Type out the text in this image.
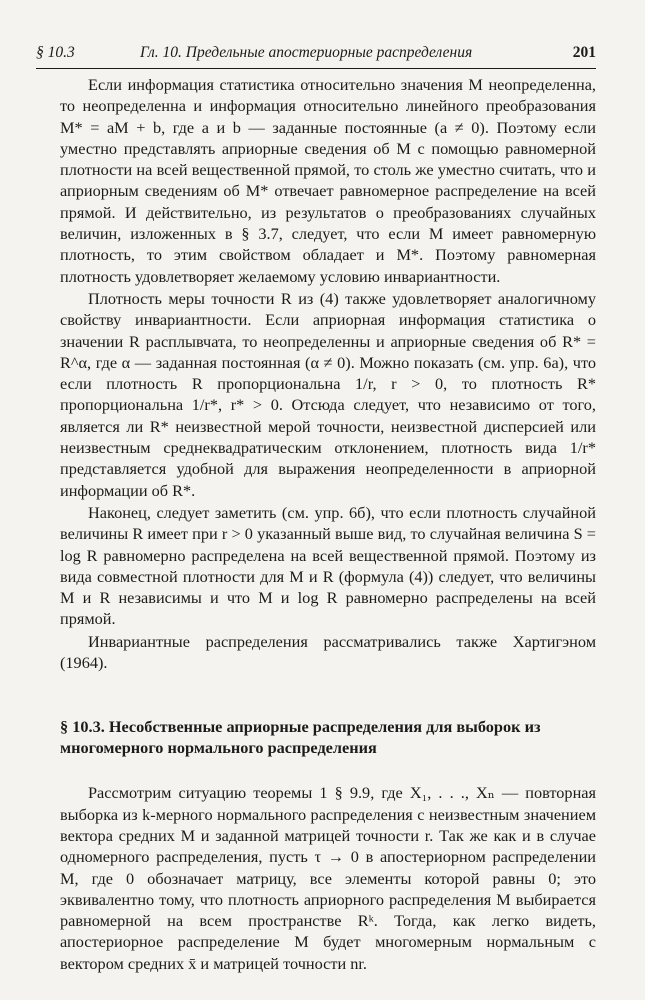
§ 10.3	Гл. 10. Предельные апостериорные распределения	201

Если информация статистика относительно значения M неопределенна, то неопределенна и информация относительно линейного преобразования M* = aM + b, где a и b — заданные постоянные (a ≠ 0). Поэтому если уместно представлять априорные сведения об M с помощью равномерной плотности на всей вещественной прямой, то столь же уместно считать, что и априорным сведениям об M* отвечает равномерное распределение на всей прямой. И действительно, из результатов о преобразованиях случайных величин, изложенных в § 3.7, следует, что если M имеет равномерную плотность, то этим свойством обладает и M*. Поэтому равномерная плотность удовлетворяет желаемому условию инвариантности.

Плотность меры точности R из (4) также удовлетворяет аналогичному свойству инвариантности. Если априорная информация статистика о значении R расплывчата, то неопределенны и априорные сведения об R* = R^α, где α — заданная постоянная (α ≠ 0). Можно показать (см. упр. 6а), что если плотность R пропорциональна 1/r, r > 0, то плотность R* пропорциональна 1/r*, r* > 0. Отсюда следует, что независимо от того, является ли R* неизвестной мерой точности, неизвестной дисперсией или неизвестным среднеквадратическим отклонением, плотность вида 1/r* представляется удобной для выражения неопределенности в априорной информации об R*.

Наконец, следует заметить (см. упр. 6б), что если плотность случайной величины R имеет при r > 0 указанный выше вид, то случайная величина S = log R равномерно распределена на всей вещественной прямой. Поэтому из вида совместной плотности для M и R (формула (4)) следует, что величины M и R независимы и что M и log R равномерно распределены на всей прямой.

Инвариантные распределения рассматривались также Хартигэном (1964).

§ 10.3. Несобственные априорные распределения для выборок из многомерного нормального распределения

Рассмотрим ситуацию теоремы 1 § 9.9, где X₁, . . ., Xₙ — повторная выборка из k-мерного нормального распределения с неизвестным значением вектора средних M и заданной матрицей точности r. Так же как и в случае одномерного распределения, пусть τ → 0 в апостериорном распределении M, где 0 обозначает матрицу, все элементы которой равны 0; это эквивалентно тому, что плотность априорного распределения M выбирается равномерной на всем пространстве Rᵏ. Тогда, как легко видеть, апостериорное распределение M будет многомерным нормальным с вектором средних x̄ и матрицей точности nr.
